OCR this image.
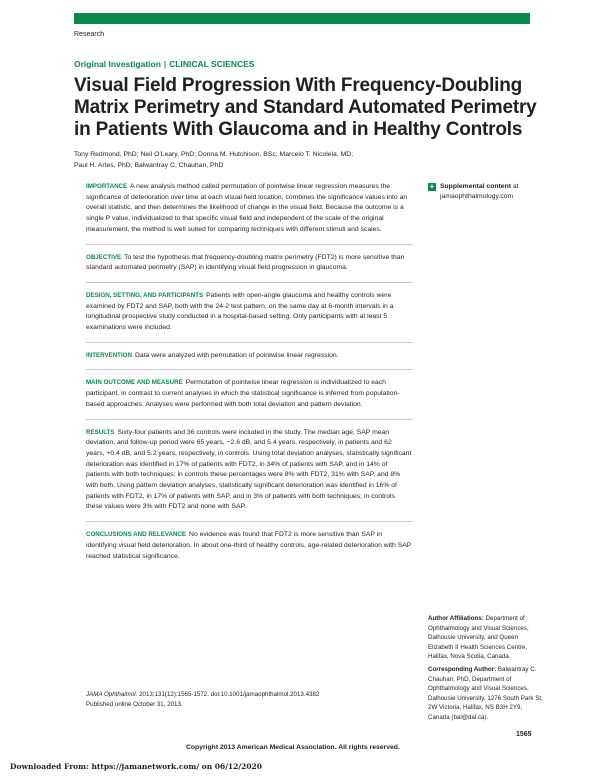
Research
Original Investigation | CLINICAL SCIENCES
Visual Field Progression With Frequency-Doubling
Matrix Perimetry and Standard Automated Perimetry
in Patients With Glaucoma and in Healthy Controls
Tony Redmond, PhD; Neil O'Leary, PhD; Donna M. Hutchison, BSc; Marcelo T. Nicolela, MD;
Paul H. Artes, PhD; Balwantray C. Chauhan, PhD
IMPORTANCE A new analysis method called permutation of pointwise linear regression measures the significance of deterioration over time at each visual field location, combines the significance values into an overall statistic, and then determines the likelihood of change in the visual field. Because the outcome is a single P value, individualized to that specific visual field and independent of the scale of the original measurement, the method is well suited for comparing techniques with different stimuli and scales.
OBJECTIVE To test the hypothesis that frequency-doubling matrix perimetry (FDT2) is more sensitive than standard automated perimetry (SAP) in identifying visual field progression in glaucoma.
DESIGN, SETTING, AND PARTICIPANTS Patients with open-angle glaucoma and healthy controls were examined by FDT2 and SAP, both with the 24-2 test pattern, on the same day at 6-month intervals in a longitudinal prospective study conducted in a hospital-based setting. Only participants with at least 5 examinations were included.
INTERVENTION Data were analyzed with permutation of pointwise linear regression.
MAIN OUTCOME AND MEASURE Permutation of pointwise linear regression is individualized to each participant, in contrast to current analyses in which the statistical significance is inferred from population-based approaches. Analyses were performed with both total deviation and pattern deviation.
RESULTS Sixty-four patients and 36 controls were included in the study. The median age, SAP mean deviation, and follow-up period were 65 years, −2.6 dB, and 5.4 years, respectively, in patients and 62 years, +0.4 dB, and 5.2 years, respectively, in controls. Using total deviation analyses, statistically significant deterioration was identified in 17% of patients with FDT2, in 34% of patients with SAP, and in 14% of patients with both techniques; in controls these percentages were 8% with FDT2, 31% with SAP, and 8% with both. Using pattern deviation analyses, statistically significant deterioration was identified in 16% of patients with FDT2, in 17% of patients with SAP, and in 3% of patients with both techniques; in controls these values were 3% with FDT2 and none with SAP.
CONCLUSIONS AND RELEVANCE No evidence was found that FDT2 is more sensitive than SAP in identifying visual field deterioration. In about one-third of healthy controls, age-related deterioration with SAP reached statistical significance.
+ Supplemental content at jamaophthalmology.com

Author Affiliations: Department of Ophthalmology and Visual Sciences, Dalhousie University, and Queen Elizabeth II Health Sciences Centre, Halifax, Nova Scotia, Canada.

Corresponding Author: Balwantray C. Chauhan, PhD, Department of Ophthalmology and Visual Sciences, Dalhousie University, 1276 South Park St, 2W Victoria, Halifax, NS B3H 2Y9, Canada (bal@dal.ca).

JAMA Ophthalmol. 2013;131(12):1565-1572. doi:10.1001/jamaophthalmol.2013.4382
Published online October 31, 2013.
1565
Copyright 2013 American Medical Association. All rights reserved.
Downloaded From: https://jamanetwork.com/ on 06/12/2020
